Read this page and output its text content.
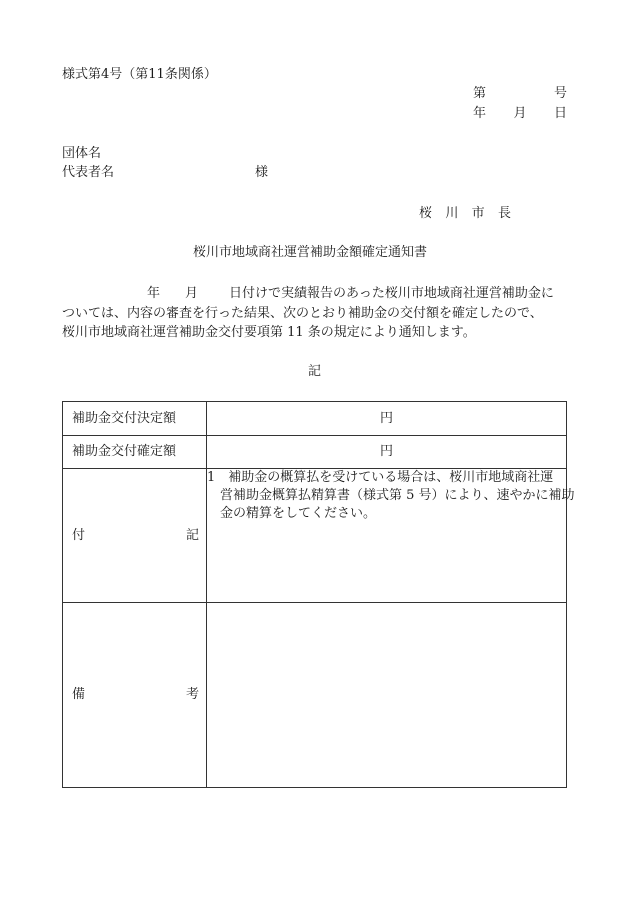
様式第4号（第11条関係）
第	号
年 月 日
団体名
代表者名	様
桜 川 市 長
桜川市地域商社運営補助金額確定通知書
年 月 日付けで実績報告のあった桜川市地域商社運営補助金に
ついては、内容の審査を行った結果、次のとおり補助金の交付額を確定したので、
桜川市地域商社運営補助金交付要項第 11 条の規定により通知します。
記
補助金交付決定額	円
補助金交付確定額	円

付 記	1　補助金の概算払を受けている場合は、桜川市地域商社運
　営補助金概算払精算書（様式第 5 号）により、速やかに補助
　金の精算をしてください。

備 考	
